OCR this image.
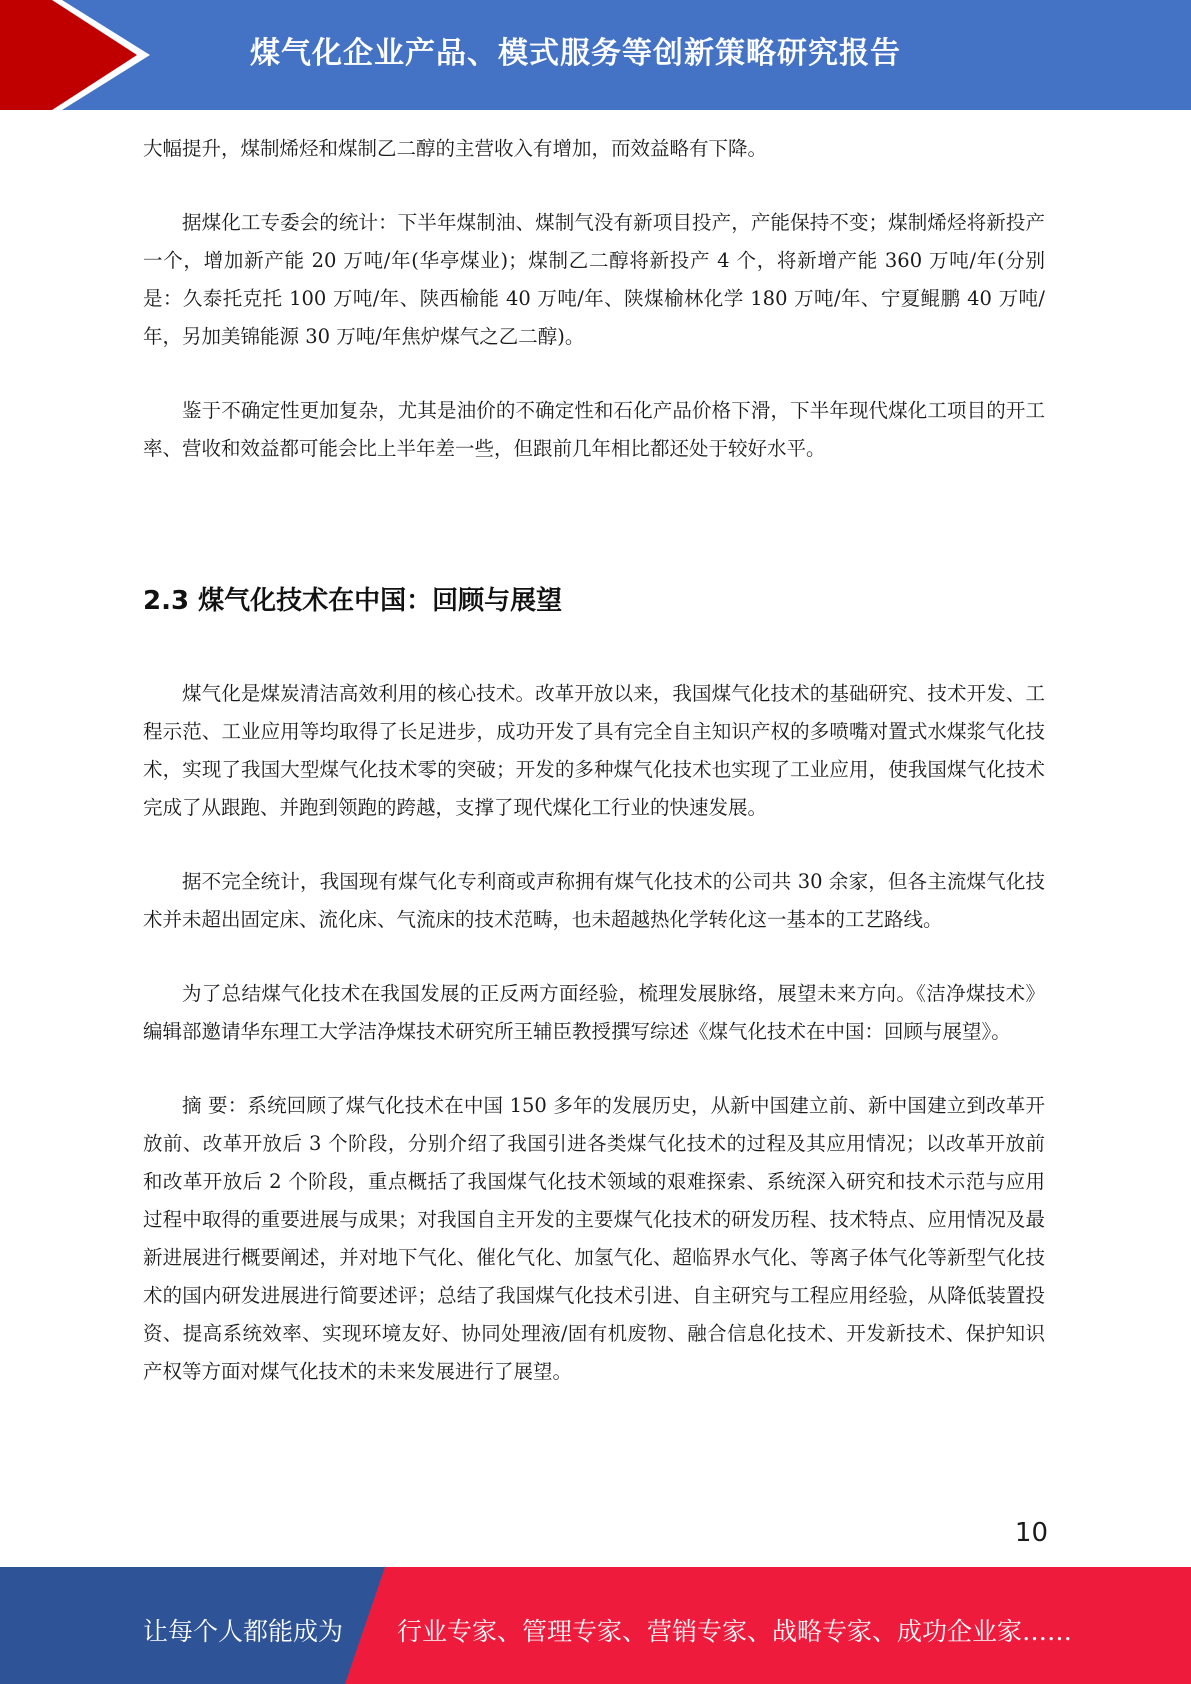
煤气化企业产品、模式服务等创新策略研究报告

大幅提升，煤制烯烃和煤制乙二醇的主营收入有增加，而效益略有下降。

据煤化工专委会的统计：下半年煤制油、煤制气没有新项目投产，产能保持不变；煤制烯烃将新投产一个，增加新产能 20 万吨/年(华亭煤业)；煤制乙二醇将新投产 4 个，将新增产能 360 万吨/年(分别是：久泰托克托 100 万吨/年、陕西榆能 40 万吨/年、陕煤榆林化学 180 万吨/年、宁夏鲲鹏 40 万吨/年，另加美锦能源 30 万吨/年焦炉煤气之乙二醇)。

鉴于不确定性更加复杂，尤其是油价的不确定性和石化产品价格下滑，下半年现代煤化工项目的开工率、营收和效益都可能会比上半年差一些，但跟前几年相比都还处于较好水平。

2.3 煤气化技术在中国：回顾与展望

煤气化是煤炭清洁高效利用的核心技术。改革开放以来，我国煤气化技术的基础研究、技术开发、工程示范、工业应用等均取得了长足进步，成功开发了具有完全自主知识产权的多喷嘴对置式水煤浆气化技术，实现了我国大型煤气化技术零的突破；开发的多种煤气化技术也实现了工业应用，使我国煤气化技术完成了从跟跑、并跑到领跑的跨越，支撑了现代煤化工行业的快速发展。

据不完全统计，我国现有煤气化专利商或声称拥有煤气化技术的公司共 30 余家，但各主流煤气化技术并未超出固定床、流化床、气流床的技术范畴，也未超越热化学转化这一基本的工艺路线。

为了总结煤气化技术在我国发展的正反两方面经验，梳理发展脉络，展望未来方向。《洁净煤技术》编辑部邀请华东理工大学洁净煤技术研究所王辅臣教授撰写综述《煤气化技术在中国：回顾与展望》。

摘 要：系统回顾了煤气化技术在中国 150 多年的发展历史，从新中国建立前、新中国建立到改革开放前、改革开放后 3 个阶段，分别介绍了我国引进各类煤气化技术的过程及其应用情况；以改革开放前和改革开放后 2 个阶段，重点概括了我国煤气化技术领域的艰难探索、系统深入研究和技术示范与应用过程中取得的重要进展与成果；对我国自主开发的主要煤气化技术的研发历程、技术特点、应用情况及最新进展进行概要阐述，并对地下气化、催化气化、加氢气化、超临界水气化、等离子体气化等新型气化技术的国内研发进展进行简要述评；总结了我国煤气化技术引进、自主研究与工程应用经验，从降低装置投资、提高系统效率、实现环境友好、协同处理液/固有机废物、融合信息化技术、开发新技术、保护知识产权等方面对煤气化技术的未来发展进行了展望。

10
让每个人都能成为 行业专家、管理专家、营销专家、战略专家、成功企业家……
